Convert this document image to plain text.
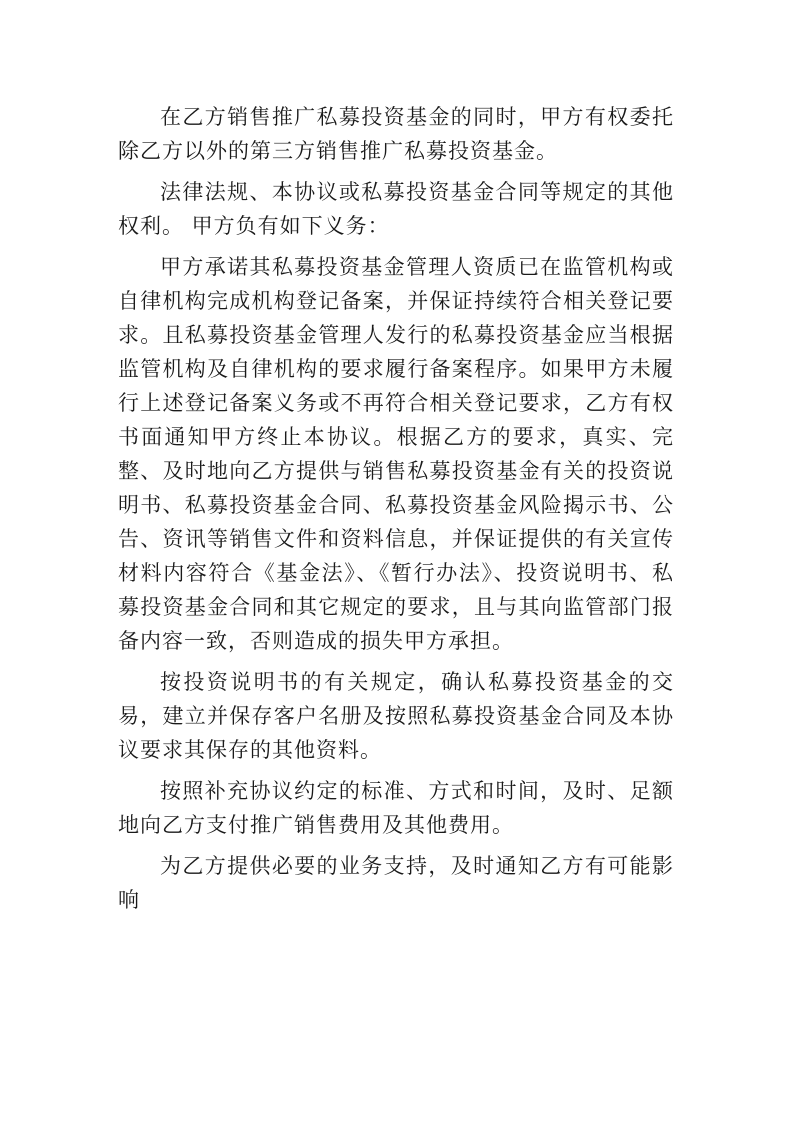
在乙方销售推广私募投资基金的同时，甲方有权委托除乙方以外的第三方销售推广私募投资基金。

法律法规、本协议或私募投资基金合同等规定的其他权利。 甲方负有如下义务：

甲方承诺其私募投资基金管理人资质已在监管机构或自律机构完成机构登记备案，并保证持续符合相关登记要求。且私募投资基金管理人发行的私募投资基金应当根据监管机构及自律机构的要求履行备案程序。如果甲方未履行上述登记备案义务或不再符合相关登记要求，乙方有权书面通知甲方终止本协议。根据乙方的要求，真实、完整、及时地向乙方提供与销售私募投资基金有关的投资说明书、私募投资基金合同、私募投资基金风险揭示书、公告、资讯等销售文件和资料信息，并保证提供的有关宣传材料内容符合《基金法》、《暂行办法》、投资说明书、私募投资基金合同和其它规定的要求，且与其向监管部门报备内容一致，否则造成的损失甲方承担。

按投资说明书的有关规定，确认私募投资基金的交易，建立并保存客户名册及按照私募投资基金合同及本协议要求其保存的其他资料。

按照补充协议约定的标准、方式和时间，及时、足额地向乙方支付推广销售费用及其他费用。

为乙方提供必要的业务支持，及时通知乙方有可能影响
